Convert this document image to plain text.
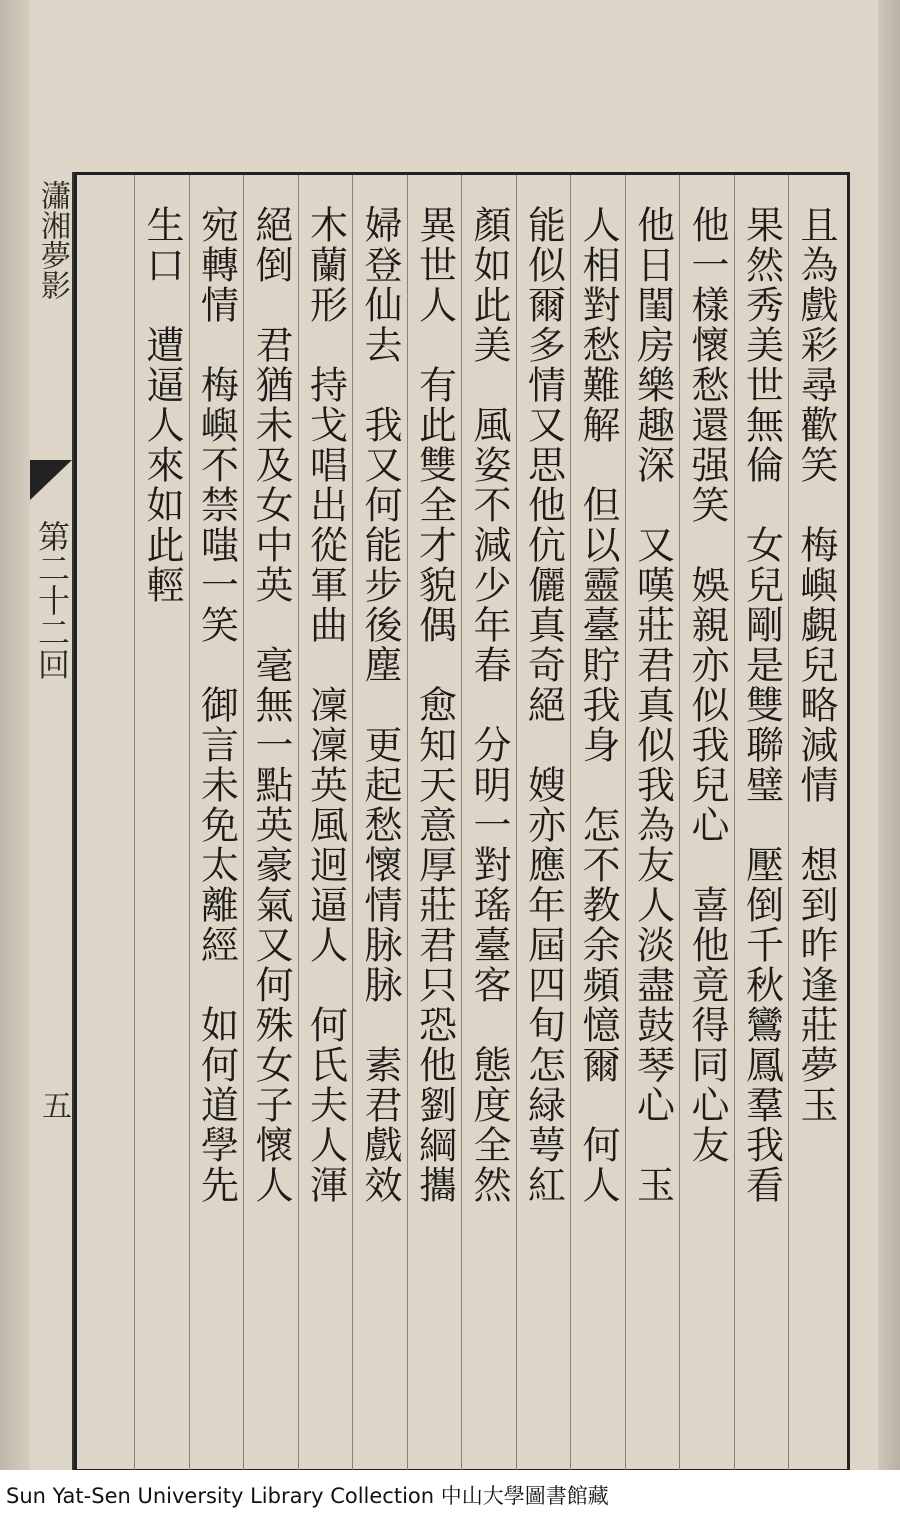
瀟湘夢影
第二十二回
五	且為戲彩尋歡笑　梅嶼覷兒略減情　想到昨逢莊夢玉
果然秀美世無倫　女兒剛是雙聯璧　壓倒千秋鸞鳳羣我看
他一樣懷愁還强笑　娛親亦似我兒心　喜他竟得同心友
他日閨房樂趣深　又嘆莊君真似我為友人淡盡鼓琴心　玉
人相對愁難解　但以靈臺貯我身　怎不教余頻憶爾　何人
能似爾多情又思他伉儷真奇絕　嫂亦應年屆四旬怎緑萼紅
顏如此美　風姿不減少年春　分明一對瑤臺客　態度全然
異世人　有此雙全才貌偶　愈知天意厚莊君只恐他劉綱攜
婦登仙去　我又何能步後塵　更起愁懷情脉脉　素君戲效
木蘭形　持戈唱出從軍曲　凜凜英風迥逼人　何氏夫人渾
絕倒　君猶未及女中英　毫無一點英豪氣又何殊女子懷人
宛轉情　梅嶼不禁嗤一笑　御言未免太離經　如何道學先
生口　遭逼人來如此輕
Sun Yat-Sen University Library Collection 中山大學圖書館藏
